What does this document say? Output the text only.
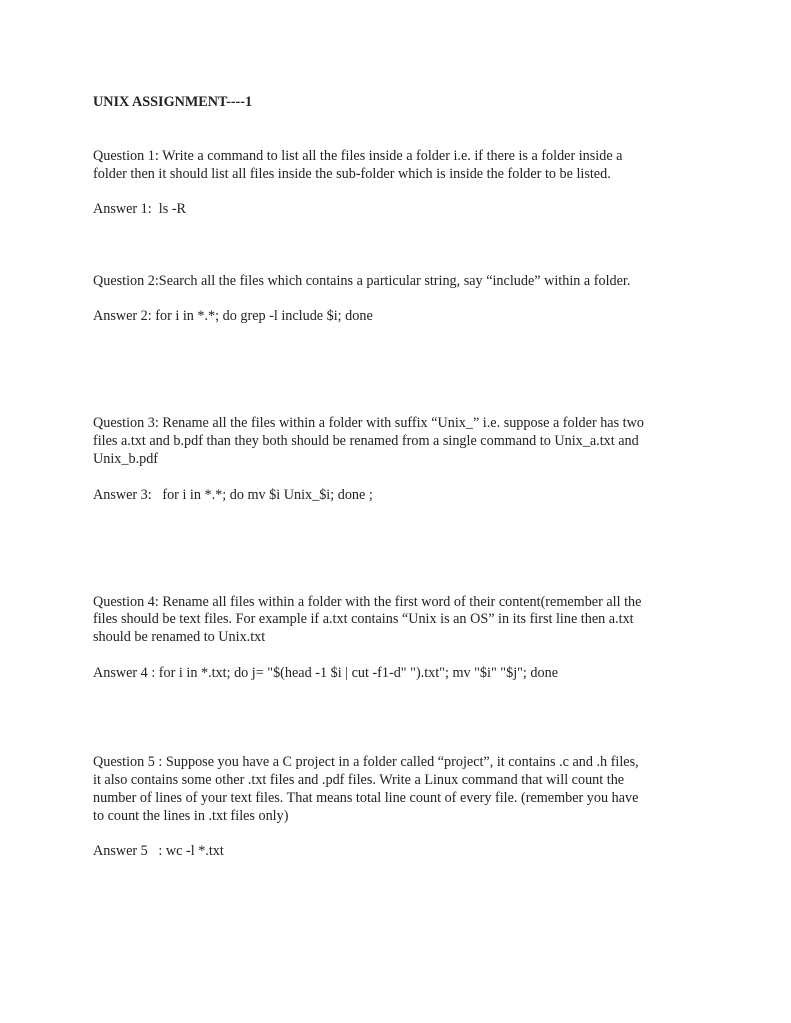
UNIX ASSIGNMENT----1
Question 1: Write a command to list all the files inside a folder i.e. if there is a folder inside a
folder then it should list all files inside the sub-folder which is inside the folder to be listed.
Answer 1:  ls -R
Question 2:Search all the files which contains a particular string, say “include” within a folder.
Answer 2: for i in *.*; do grep -l include $i; done
Question 3: Rename all the files within a folder with suffix “Unix_” i.e. suppose a folder has two
files a.txt and b.pdf than they both should be renamed from a single command to Unix_a.txt and
Unix_b.pdf
Answer 3:   for i in *.*; do mv $i Unix_$i; done ;
Question 4: Rename all files within a folder with the first word of their content(remember all the
files should be text files. For example if a.txt contains “Unix is an OS” in its first line then a.txt
should be renamed to Unix.txt
Answer 4 : for i in *.txt; do j= "$(head -1 $i | cut -f1-d" ").txt"; mv "$i" "$j"; done
Question 5 : Suppose you have a C project in a folder called “project”, it contains .c and .h files,
it also contains some other .txt files and .pdf files. Write a Linux command that will count the
number of lines of your text files. That means total line count of every file. (remember you have
to count the lines in .txt files only)
Answer 5   : wc -l *.txt
